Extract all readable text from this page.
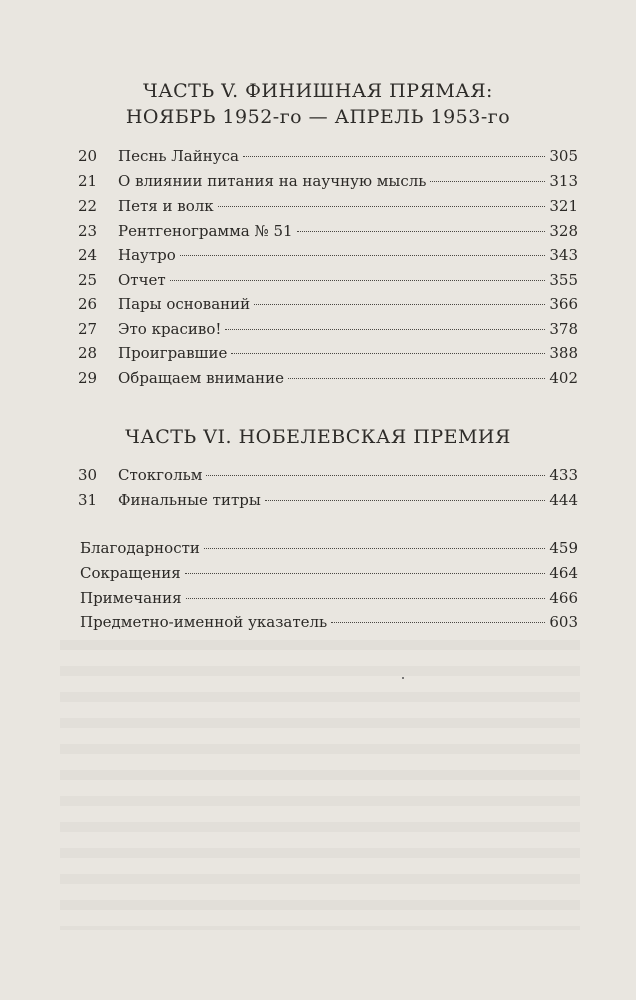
ЧАСТЬ V. ФИНИШНАЯ ПРЯМАЯ:
НОЯБРЬ 1952-го — АПРЕЛЬ 1953-го
20	Песнь Лайнуса	305
21	О влиянии питания на научную мысль	313
22	Петя и волк	321
23	Рентгенограмма № 51	328
24	Наутро	343
25	Отчет	355
26	Пары оснований	366
27	Это красиво!	378
28	Проигравшие	388
29	Обращаем внимание	402
ЧАСТЬ VI. НОБЕЛЕВСКАЯ ПРЕМИЯ
30	Стокгольм	433
31	Финальные титры	444
Благодарности	459
Сокращения	464
Примечания	466
Предметно-именной указатель	603
